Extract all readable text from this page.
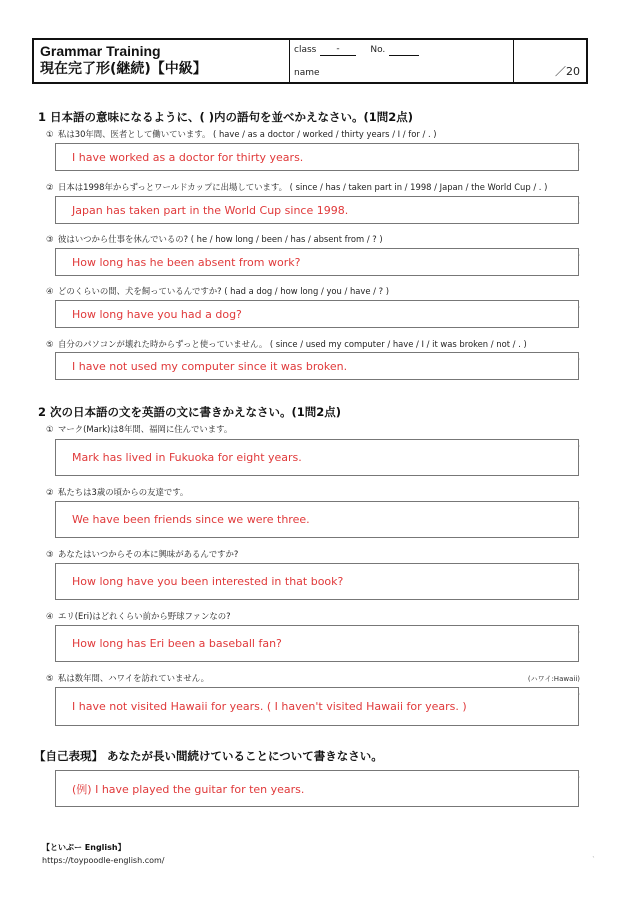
Grammar Training
現在完了形(継続)【中級】
class -	No.
name	／20
1 日本語の意味になるように、( )内の語句を並べかえなさい。(1問2点)
① 私は30年間、医者として働いています。 ( have / as a doctor / worked / thirty years / I / for / . )
I have worked as a doctor for thirty years.
ˎ
② 日本は1998年からずっとワールドカップに出場しています。 ( since / has / taken part in / 1998 / Japan / the World Cup / . )
Japan has taken part in the World Cup since 1998.
ˎ
③ 彼はいつから仕事を休んでいるの? ( he / how long / been / has / absent from / ? )
How long has he been absent from work?
ˎ
④ どのくらいの間、犬を飼っているんですか? ( had a dog / how long / you / have / ? )
How long have you had a dog?
ˎ
⑤ 自分のパソコンが壊れた時からずっと使っていません。 ( since / used my computer / have / I / it was broken / not / . )
I have not used my computer since it was broken.
ˎ
2 次の日本語の文を英語の文に書きかえなさい。(1問2点)
① マーク(Mark)は8年間、福岡に住んでいます。
Mark has lived in Fukuoka for eight years.
ˎ
② 私たちは3歳の頃からの友達です。
We have been friends since we were three.
ˎ
③ あなたはいつからその本に興味があるんですか?
How long have you been interested in that book?
ˎ
④ エリ(Eri)はどれくらい前から野球ファンなの?
How long has Eri been a baseball fan?
ˎ
⑤ 私は数年間、ハワイを訪れていません。	(ハワイ:Hawaii)
I have not visited Hawaii for years. ( I haven't visited Hawaii for years. )
ˎ
【自己表現】 あなたが長い間続けていることについて書きなさい。
(例) I have played the guitar for ten years.
ˎ
【といぷー English】
https://toypoodle-english.com/
ˎ
